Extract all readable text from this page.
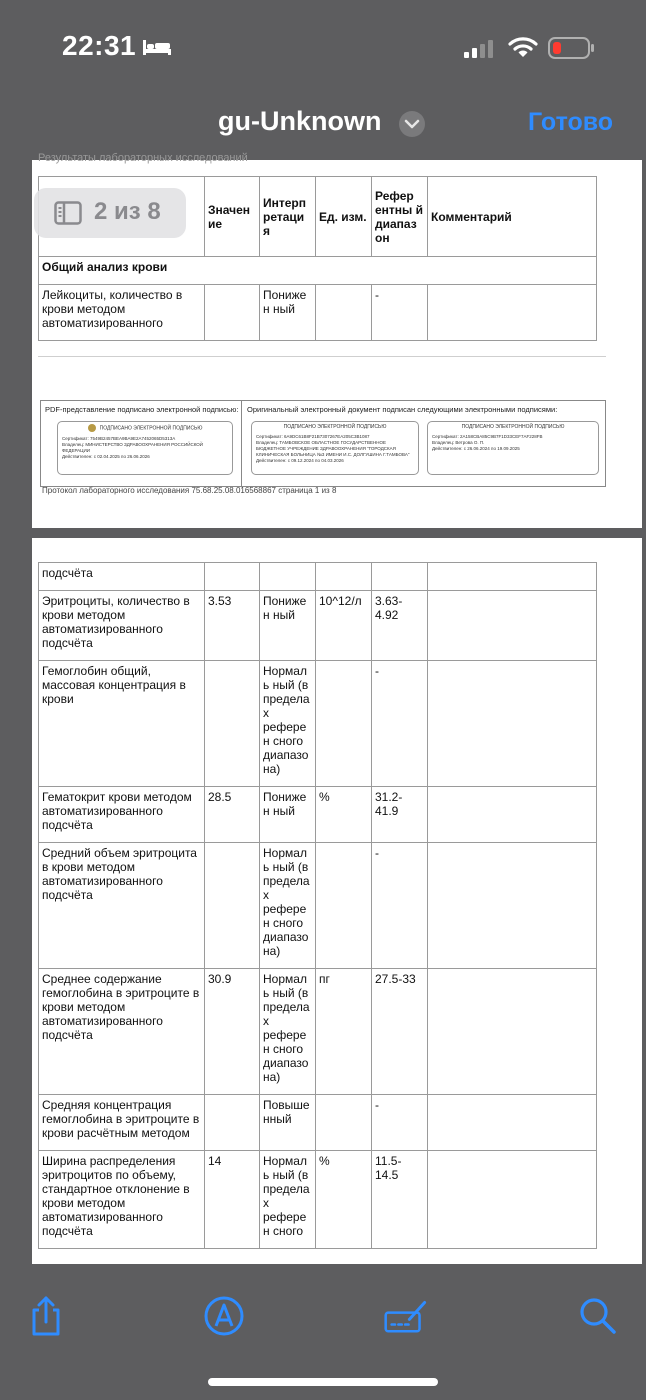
22:31
gu-Unknown	Готово
Результаты лабораторных исследований
	Значен ие	Интерп ретаци я	Ед. изм.	Рефер ентны й диапаз он	Комментарий
Общий анализ крови					
Лейкоциты, количество в крови методом автоматизированного		Понижен ный		-	
PDF-представление подписано электронной подписью: Оригинальный электронный документ подписан следующими электронными подписями:
ПОДПИСАНО ЭЛЕКТРОННОЙ ПОДПИСЬЮ
Сертификат: 7549B2457BEA9BA9E2A7452065D5313A
Владелец: МИНИСТЕРСТВО ЗДРАВООХРАНЕНИЯ РОССИЙСКОЙ ФЕДЕРАЦИИ
Действителен: с 02.04.2025 по 26.06.2026
ПОДПИСАНО ЭЛЕКТРОННОЙ ПОДПИСЬЮ
Сертификат: 6A9DC61B8F21B7307267EA205C3B1087
Владелец: ТАМБОВСКОЕ ОБЛАСТНОЕ ГОСУДАРСТВЕННОЕ БЮДЖЕТНОЕ УЧРЕЖДЕНИЕ ЗДРАВООХРАНЕНИЯ "ГОРОДСКАЯ КЛИНИЧЕСКАЯ БОЛЬНИЦА №3 ИМЕНИ И.С. ДОЛГУШИНА Г.ТАМБОВА"
Действителен: с 09.12.2024 по 04.03.2026
ПОДПИСАНО ЭЛЕКТРОННОЙ ПОДПИСЬЮ
Сертификат: 2A158CBA85C9B7F1D33CEF7AF228FB
Владелец: Ветрова О. П.
Действителен: с 26.06.2024 по 19.09.2025
Протокол лабораторного исследования 75.68.25.08.016568867 страница 1 из 8
2 из 8
подсчёта					
Эритроциты, количество в крови методом автоматизированного подсчёта	3.53	Понижен ный	10^12/л	3.63-4.92	
Гемоглобин общий, массовая концентрация в крови		Нормаль ный (в предела х референ сного диапазо на)		-	
Гематокрит крови методом автоматизированного подсчёта	28.5	Понижен ный	%	31.2-41.9	
Средний объем эритроцита в крови методом автоматизированного подсчёта		Нормаль ный (в предела х референ сного диапазо на)		-	
Среднее содержание гемоглобина в эритроците в крови методом автоматизированного подсчёта	30.9	Нормаль ный (в предела х референ сного диапазо на)	пг	27.5-33	
Средняя концентрация гемоглобина в эритроците в крови расчётным методом		Повыше нный		-	
Ширина распределения эритроцитов по объему, стандартное отклонение в крови методом автоматизированного подсчёта	14	Нормаль ный (в предела х референ сного	%	11.5-14.5	
